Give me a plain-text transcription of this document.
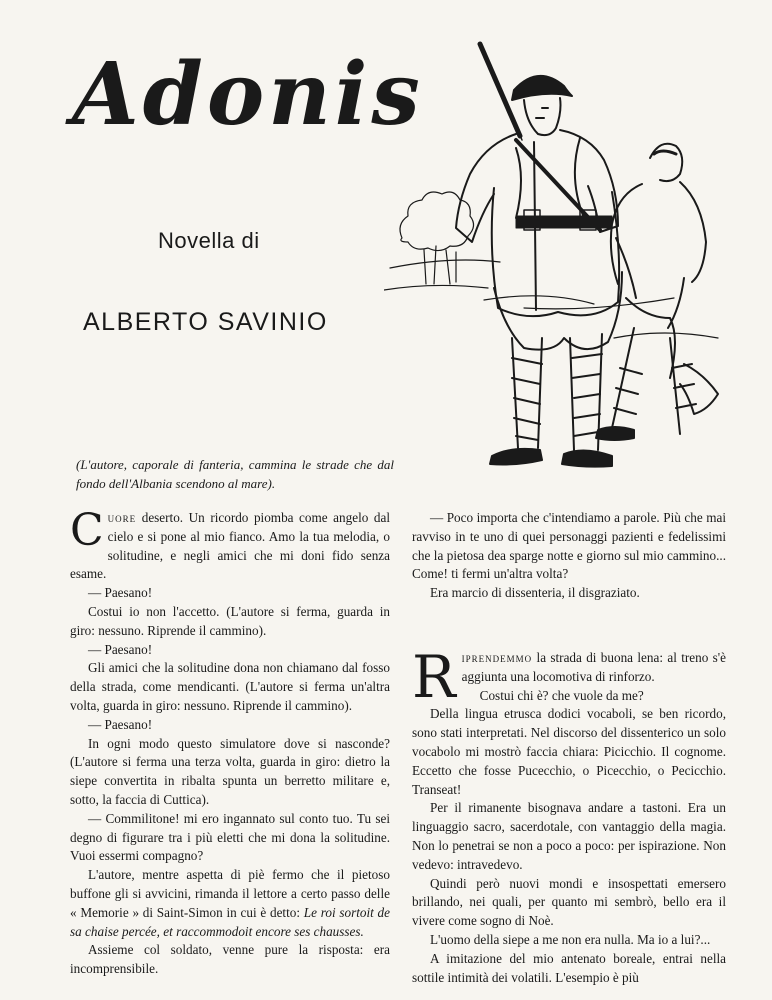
Adonis
Novella di
ALBERTO SAVINIO
(L'autore, caporale di fanteria, cammina le strade che dal fondo dell'Albania scendono al mare).

Cuore deserto. Un ricordo piomba come angelo dal cielo e si pone al mio fianco. Amo la tua melodia, o solitudine, e negli amici che mi doni fido senza esame.

— Paesano!

Costui io non l'accetto. (L'autore si ferma, guarda in giro: nessuno. Riprende il cammino).

— Paesano!

Gli amici che la solitudine dona non chiamano dal fosso della strada, come mendicanti. (L'autore si ferma un'altra volta, guarda in giro: nessuno. Riprende il cammino).

— Paesano!

In ogni modo questo simulatore dove si nasconde? (L'autore si ferma una terza volta, guarda in giro: dietro la siepe convertita in ribalta spunta un berretto militare e, sotto, la faccia di Cuttica).

— Commilitone! mi ero ingannato sul conto tuo. Tu sei degno di figurare tra i più eletti che mi dona la solitudine. Vuoi essermi compagno?

L'autore, mentre aspetta di piè fermo che il pietoso buffone gli si avvicini, rimanda il lettore a certo passo delle « Memorie » di Saint-Simon in cui è detto: Le roi sortoit de sa chaise percée, et raccommodoit encore ses chausses.

Assieme col soldato, venne pure la risposta: era incomprensibile.

— Poco importa che c'intendiamo a parole. Più che mai ravviso in te uno di quei personaggi pazienti e fedelissimi che la pietosa dea sparge notte e giorno sul mio cammino... Come! ti fermi un'altra volta?

Era marcio di dissenteria, il disgraziato.

Riprendemmo la strada di buona lena: al treno s'è aggiunta una locomotiva di rinforzo.

Costui chi è? che vuole da me?

Della lingua etrusca dodici vocaboli, se ben ricordo, sono stati interpretati. Nel discorso del dissenterico un solo vocabolo mi mostrò faccia chiara: Picicchio. Il cognome. Eccetto che fosse Pucecchio, o Picecchio, o Pecicchio. Transeat!

Per il rimanente bisognava andare a tastoni. Era un linguaggio sacro, sacerdotale, con vantaggio della magia. Non lo penetrai se non a poco a poco: per ispirazione. Non vedevo: intravedevo.

Quindi però nuovi mondi e insospettati emersero brillando, nei quali, per quanto mi sembrò, bello era il vivere come sogno di Noè.

L'uomo della siepe a me non era nulla. Ma io a lui?...

A imitazione del mio antenato boreale, entrai nella sottile intimità dei volatili. L'esempio è più
